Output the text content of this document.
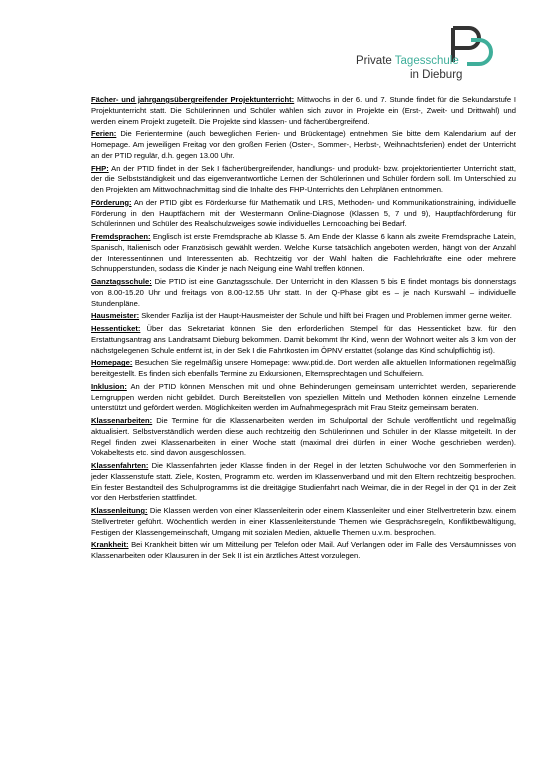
Private Tagesschule
in Dieburg

Fächer- und jahrgangsübergreifender Projektunterricht: Mittwochs in der 6. und 7. Stunde findet für die Sekundarstufe I Projektunterricht statt. Die Schülerinnen und Schüler wählen sich zuvor in Projekte ein (Erst-, Zweit- und Drittwahl) und werden einem Projekt zugeteilt. Die Projekte sind klassen- und fächerübergreifend.

Ferien: Die Ferientermine (auch beweglichen Ferien- und Brückentage) entnehmen Sie bitte dem Kalendarium auf der Homepage. Am jeweiligen Freitag vor den großen Ferien (Oster-, Sommer-, Herbst-, Weihnachtsferien) endet der Unterricht an der PTID regulär, d.h. gegen 13.00 Uhr.

FHP: An der PTID findet in der Sek I fächerübergreifender, handlungs- und produkt- bzw. projektorientierter Unterricht statt, der die Selbstständigkeit und das eigenverantwortliche Lernen der Schülerinnen und Schüler fördern soll. Im Unterschied zu den Projekten am Mittwochnachmittag sind die Inhalte des FHP-Unterrichts den Lehrplänen entnommen.

Förderung: An der PTID gibt es Förderkurse für Mathematik und LRS, Methoden- und Kommunikationstraining, individuelle Förderung in den Hauptfächern mit der Westermann Online-Diagnose (Klassen 5, 7 und 9), Hauptfachförderung für Schülerinnen und Schüler des Realschulzweiges sowie individuelles Lerncoaching bei Bedarf.

Fremdsprachen: Englisch ist erste Fremdsprache ab Klasse 5. Am Ende der Klasse 6 kann als zweite Fremdsprache Latein, Spanisch, Italienisch oder Französisch gewählt werden. Welche Kurse tatsächlich angeboten werden, hängt von der Anzahl der Interessentinnen und Interessenten ab. Rechtzeitig vor der Wahl halten die Fachlehrkräfte eine oder mehrere Schnupperstunden, sodass die Kinder je nach Neigung eine Wahl treffen können.

Ganztagsschule: Die PTID ist eine Ganztagsschule. Der Unterricht in den Klassen 5 bis E findet montags bis donnerstags von 8.00-15.20 Uhr und freitags von 8.00-12.55 Uhr statt. In der Q-Phase gibt es – je nach Kurswahl – individuelle Stundenpläne.

Hausmeister: Skender Fazlija ist der Haupt-Hausmeister der Schule und hilft bei Fragen und Problemen immer gerne weiter.

Hessenticket: Über das Sekretariat können Sie den erforderlichen Stempel für das Hessenticket bzw. für den Erstattungsantrag ans Landratsamt Dieburg bekommen. Damit bekommt Ihr Kind, wenn der Wohnort weiter als 3 km von der nächstgelegenen Schule entfernt ist, in der Sek I die Fahrtkosten im ÖPNV erstattet (solange das Kind schulpflichtig ist).

Homepage: Besuchen Sie regelmäßig unsere Homepage: www.ptid.de. Dort werden alle aktuellen Informationen regelmäßig bereitgestellt. Es finden sich ebenfalls Termine zu Exkursionen, Elternsprechtagen und Schulfeiern.

Inklusion: An der PTID können Menschen mit und ohne Behinderungen gemeinsam unterrichtet werden, separierende Lerngruppen werden nicht gebildet. Durch Bereitstellen von speziellen Mitteln und Methoden können einzelne Lernende unterstützt und gefördert werden. Möglichkeiten werden im Aufnahmegespräch mit Frau Steitz gemeinsam beraten.

Klassenarbeiten: Die Termine für die Klassenarbeiten werden im Schulportal der Schule veröffentlicht und regelmäßig aktualisiert. Selbstverständlich werden diese auch rechtzeitig den Schülerinnen und Schüler in der Klasse mitgeteilt. In der Regel finden zwei Klassenarbeiten in einer Woche statt (maximal drei dürfen in einer Woche geschrieben werden). Vokabeltests etc. sind davon ausgeschlossen.

Klassenfahrten: Die Klassenfahrten jeder Klasse finden in der Regel in der letzten Schulwoche vor den Sommerferien in jeder Klassenstufe statt. Ziele, Kosten, Programm etc. werden im Klassenverband und mit den Eltern rechtzeitig besprochen. Ein fester Bestandteil des Schulprogramms ist die dreitägige Studienfahrt nach Weimar, die in der Regel in der Q1 in der Zeit vor den Herbstferien stattfindet.

Klassenleitung: Die Klassen werden von einer Klassenleiterin oder einem Klassenleiter und einer Stellvertreterin bzw. einem Stellvertreter geführt. Wöchentlich werden in einer Klassenleiterstunde Themen wie Gesprächsregeln, Konfliktbewältigung, Festigen der Klassengemeinschaft, Umgang mit sozialen Medien, aktuelle Themen u.v.m. besprochen.

Krankheit: Bei Krankheit bitten wir um Mitteilung per Telefon oder Mail. Auf Verlangen oder im Falle des Versäumnisses von Klassenarbeiten oder Klausuren in der Sek II ist ein ärztliches Attest vorzulegen.
